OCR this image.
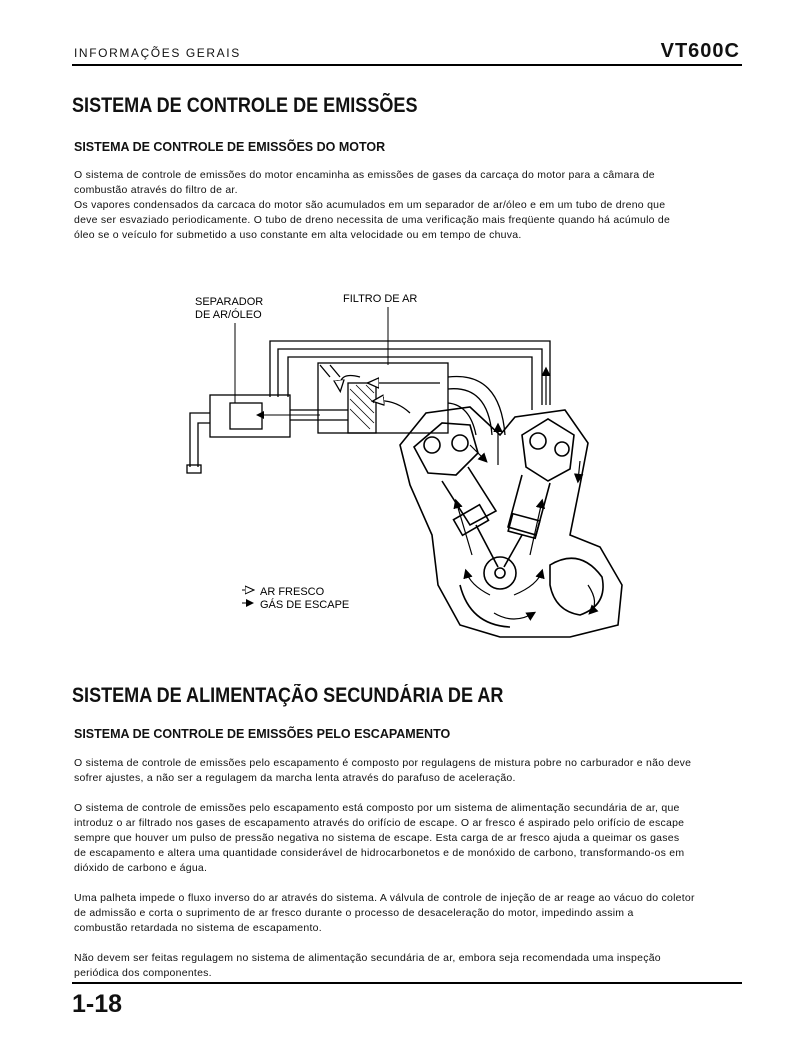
INFORMAÇÕES GERAIS	VT600C
SISTEMA DE CONTROLE DE EMISSÕES
SISTEMA DE CONTROLE DE EMISSÕES DO MOTOR

O sistema de controle de emissões do motor encaminha as emissões de gases da carcaça do motor para a câmara de

combustão através do filtro de ar.

Os vapores condensados da carcaca do motor são acumulados em um separador de ar/óleo e em um tubo de dreno que

deve ser esvaziado periodicamente. O tubo de dreno necessita de uma verificação mais freqüente quando há acúmulo de

óleo se o veículo for submetido a uso constante em alta velocidade ou em tempo de chuva.

SEPARADOR
DE AR/ÓLEO
FILTRO DE AR
AR FRESCO
GÁS DE ESCAPE
SISTEMA DE ALIMENTAÇÃO SECUNDÁRIA DE AR
SISTEMA DE CONTROLE DE EMISSÕES PELO ESCAPAMENTO

O sistema de controle de emissões pelo escapamento é composto por regulagens de mistura pobre no carburador e não deve

sofrer ajustes, a não ser a regulagem da marcha lenta através do parafuso de aceleração.

O sistema de controle de emissões pelo escapamento está composto por um sistema de alimentação secundária de ar, que

introduz o ar filtrado nos gases de escapamento através do orifício de escape. O ar fresco é aspirado pelo orifício de escape

sempre que houver um pulso de pressão negativa no sistema de escape. Esta carga de ar fresco ajuda a queimar os gases

de escapamento e altera uma quantidade considerável de hidrocarbonetos e de monóxido de carbono, transformando-os em

dióxido de carbono e água.

Uma palheta impede o fluxo inverso do ar através do sistema. A válvula de controle de injeção de ar reage ao vácuo do coletor

de admissão e corta o suprimento de ar fresco durante o processo de desaceleração do motor, impedindo assim a

combustão retardada no sistema de escapamento.

Não devem ser feitas regulagem no sistema de alimentação secundária de ar, embora seja recomendada uma inspeção

periódica dos componentes.

1-18
